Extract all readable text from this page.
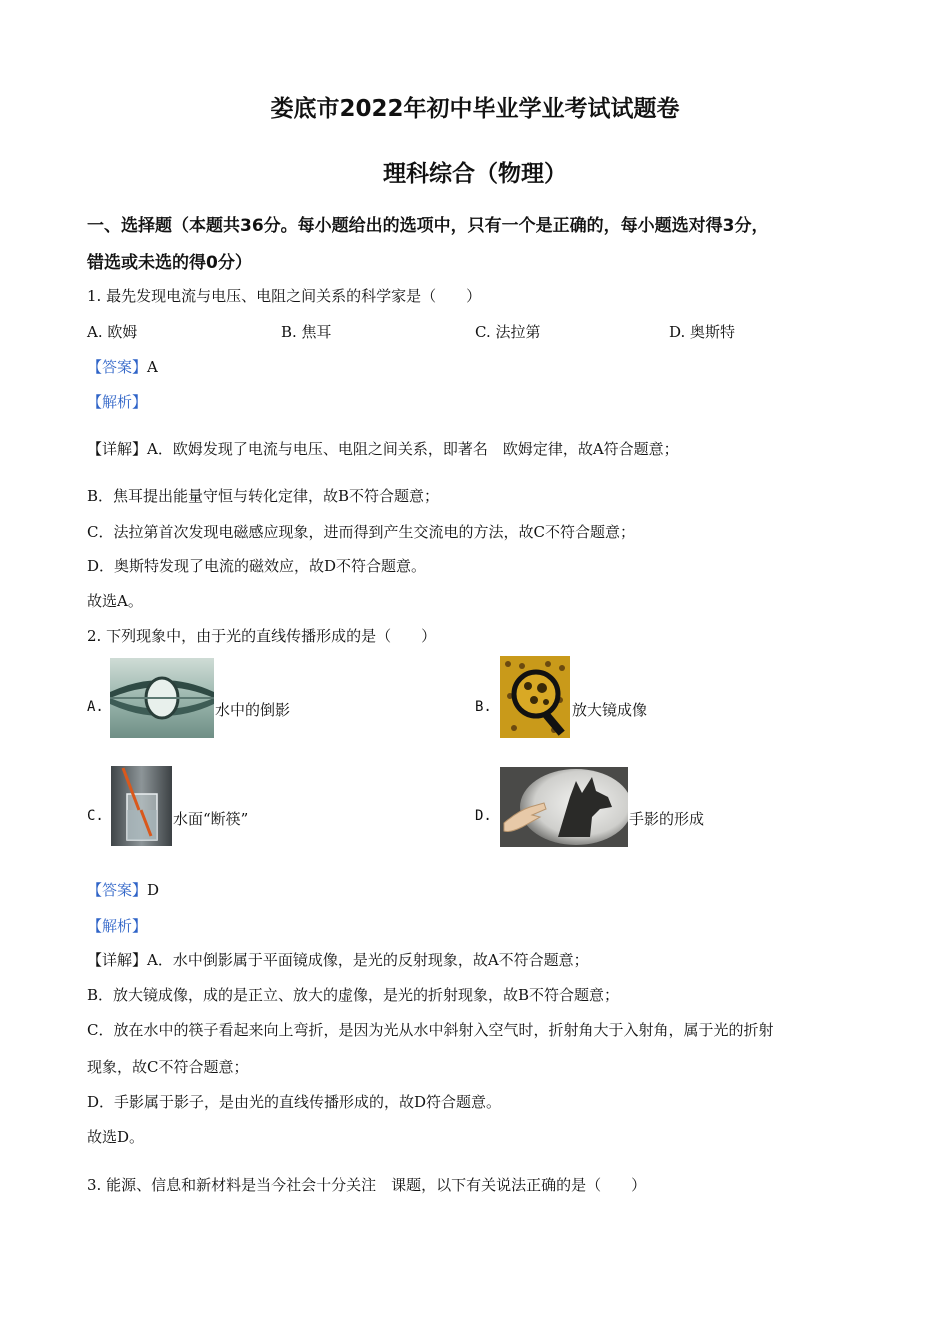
娄底市2022年初中毕业学业考试试题卷
理科综合（物理）
一、选择题（本题共36分。每小题给出的选项中，只有一个是正确的，每小题选对得3分，
错选或未选的得0分）
1. 最先发现电流与电压、电阻之间关系的科学家是（　　）
A. 欧姆	B. 焦耳	C. 法拉第	D. 奥斯特
【答案】A
【解析】
【详解】A．欧姆发现了电流与电压、电阻之间关系，即著名　欧姆定律，故A符合题意；
B．焦耳提出能量守恒与转化定律，故B不符合题意；
C．法拉第首次发现电磁感应现象，进而得到产生交流电的方法，故C不符合题意；
D．奥斯特发现了电流的磁效应，故D不符合题意。
故选A。
2. 下列现象中，由于光的直线传播形成的是（　　）
A.	水中的倒影	B.	放大镜成像
C.	水面“断筷”	D.	手影的形成
【答案】D
【解析】
【详解】A．水中倒影属于平面镜成像，是光的反射现象，故A不符合题意；
B．放大镜成像，成的是正立、放大的虚像，是光的折射现象，故B不符合题意；
C．放在水中的筷子看起来向上弯折，是因为光从水中斜射入空气时，折射角大于入射角，属于光的折射
现象，故C不符合题意；
D．手影属于影子，是由光的直线传播形成的，故D符合题意。
故选D。
3. 能源、信息和新材料是当今社会十分关注　课题，以下有关说法正确的是（　　）
